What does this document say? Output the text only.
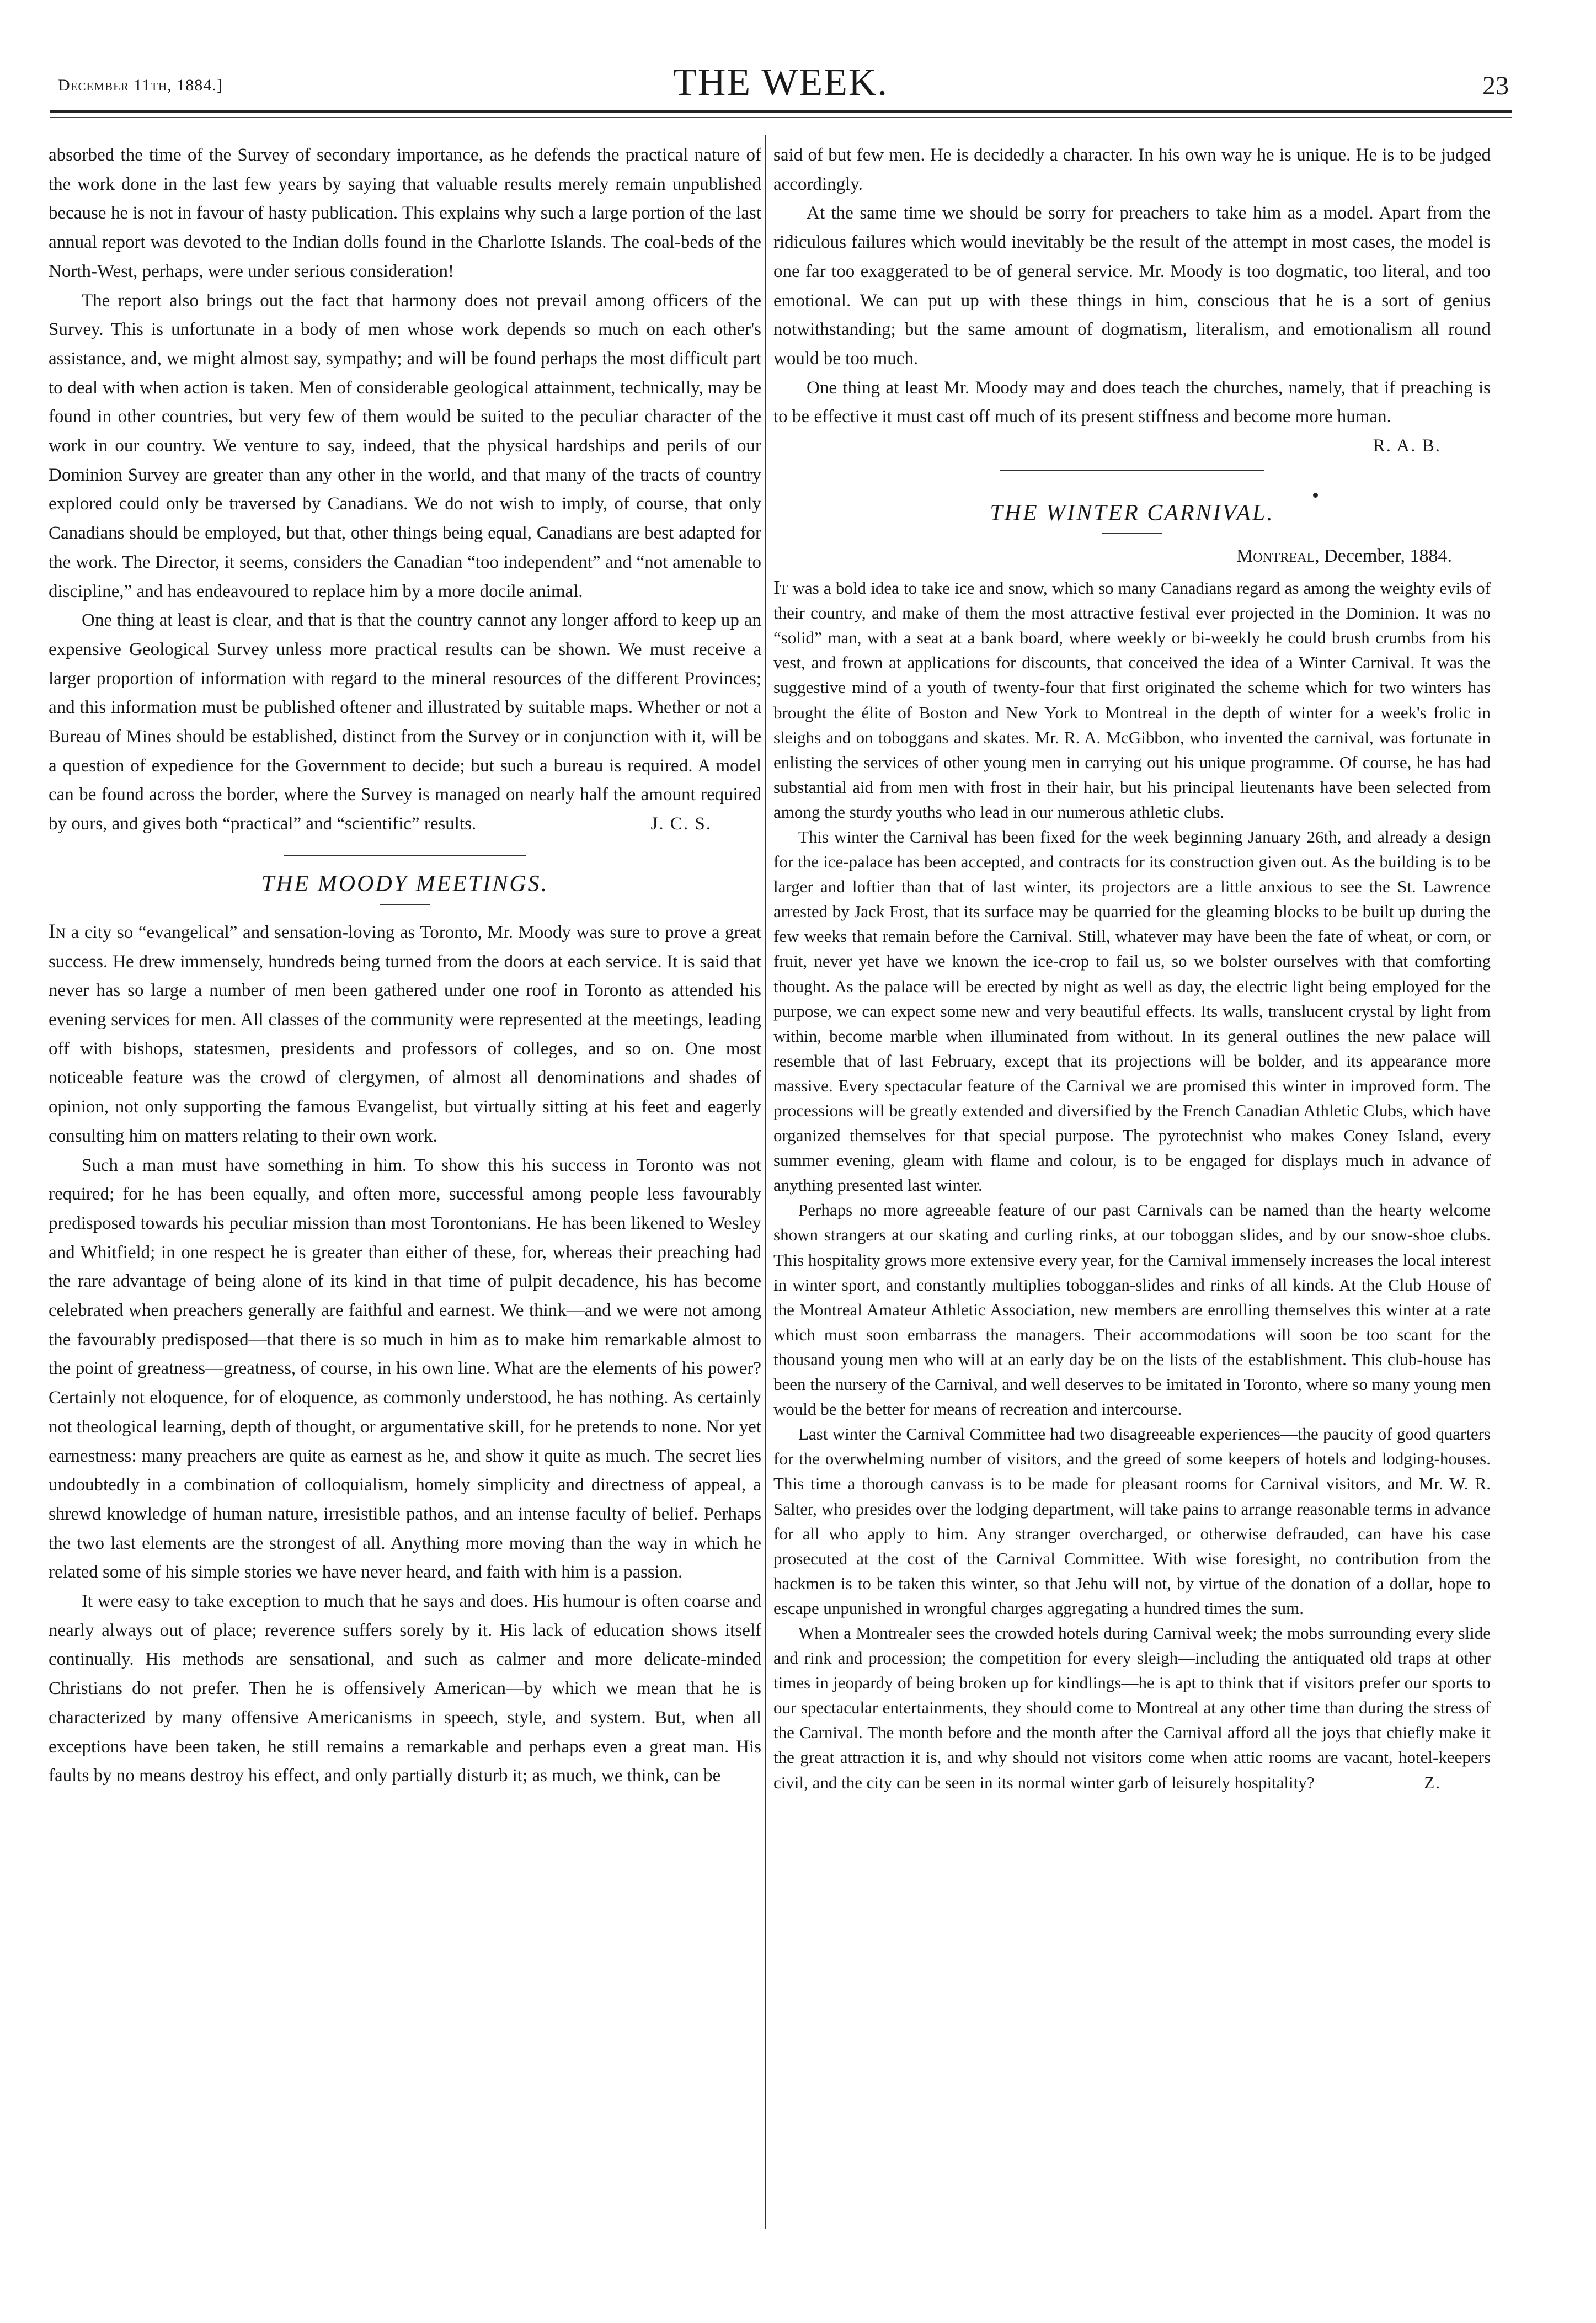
December 11th, 1884.]	THE WEEK.	23

absorbed the time of the Survey of secondary importance, as he defends the practical nature of the work done in the last few years by saying that valuable results merely remain unpublished because he is not in favour of hasty publication. This explains why such a large portion of the last annual report was devoted to the Indian dolls found in the Charlotte Islands. The coal-beds of the North-West, perhaps, were under serious consideration!

The report also brings out the fact that harmony does not prevail among officers of the Survey. This is unfortunate in a body of men whose work depends so much on each other's assistance, and, we might almost say, sympathy; and will be found perhaps the most difficult part to deal with when action is taken. Men of considerable geological attainment, technically, may be found in other countries, but very few of them would be suited to the peculiar character of the work in our country. We venture to say, indeed, that the physical hardships and perils of our Dominion Survey are greater than any other in the world, and that many of the tracts of country explored could only be traversed by Canadians. We do not wish to imply, of course, that only Canadians should be employed, but that, other things being equal, Canadians are best adapted for the work. The Director, it seems, considers the Canadian “too independent” and “not amenable to discipline,” and has endeavoured to replace him by a more docile animal.

One thing at least is clear, and that is that the country cannot any longer afford to keep up an expensive Geological Survey unless more practical results can be shown. We must receive a larger proportion of information with regard to the mineral resources of the different Provinces; and this information must be published oftener and illustrated by suitable maps. Whether or not a Bureau of Mines should be established, distinct from the Survey or in conjunction with it, will be a question of expedience for the Government to decide; but such a bureau is required. A model can be found across the border, where the Survey is managed on nearly half the amount required by ours, and gives both “practical” and “scientific” results.	J. C. S.

THE MOODY MEETINGS.

In a city so “evangelical” and sensation-loving as Toronto, Mr. Moody was sure to prove a great success. He drew immensely, hundreds being turned from the doors at each service. It is said that never has so large a number of men been gathered under one roof in Toronto as attended his evening services for men. All classes of the community were represented at the meetings, leading off with bishops, statesmen, presidents and professors of colleges, and so on. One most noticeable feature was the crowd of clergymen, of almost all denominations and shades of opinion, not only supporting the famous Evangelist, but virtually sitting at his feet and eagerly consulting him on matters relating to their own work.

Such a man must have something in him. To show this his success in Toronto was not required; for he has been equally, and often more, successful among people less favourably predisposed towards his peculiar mission than most Torontonians. He has been likened to Wesley and Whitfield; in one respect he is greater than either of these, for, whereas their preaching had the rare advantage of being alone of its kind in that time of pulpit decadence, his has become celebrated when preachers generally are faithful and earnest. We think—and we were not among the favourably predisposed—that there is so much in him as to make him remarkable almost to the point of greatness—greatness, of course, in his own line. What are the elements of his power? Certainly not eloquence, for of eloquence, as commonly understood, he has nothing. As certainly not theological learning, depth of thought, or argumentative skill, for he pretends to none. Nor yet earnestness: many preachers are quite as earnest as he, and show it quite as much. The secret lies undoubtedly in a combination of colloquialism, homely simplicity and directness of appeal, a shrewd knowledge of human nature, irresistible pathos, and an intense faculty of belief. Perhaps the two last elements are the strongest of all. Anything more moving than the way in which he related some of his simple stories we have never heard, and faith with him is a passion.

It were easy to take exception to much that he says and does. His humour is often coarse and nearly always out of place; reverence suffers sorely by it. His lack of education shows itself continually. His methods are sensational, and such as calmer and more delicate-minded Christians do not prefer. Then he is offensively American—by which we mean that he is characterized by many offensive Americanisms in speech, style, and system. But, when all exceptions have been taken, he still remains a remarkable and perhaps even a great man. His faults by no means destroy his effect, and only partially disturb it; as much, we think, can be

said of but few men. He is decidedly a character. In his own way he is unique. He is to be judged accordingly.

At the same time we should be sorry for preachers to take him as a model. Apart from the ridiculous failures which would inevitably be the result of the attempt in most cases, the model is one far too exaggerated to be of general service. Mr. Moody is too dogmatic, too literal, and too emotional. We can put up with these things in him, conscious that he is a sort of genius notwithstanding; but the same amount of dogmatism, literalism, and emotionalism all round would be too much.

One thing at least Mr. Moody may and does teach the churches, namely, that if preaching is to be effective it must cast off much of its present stiffness and become more human.
R. A. B.

THE WINTER CARNIVAL.
Montreal, December, 1884.

It was a bold idea to take ice and snow, which so many Canadians regard as among the weighty evils of their country, and make of them the most attractive festival ever projected in the Dominion. It was no “solid” man, with a seat at a bank board, where weekly or bi-weekly he could brush crumbs from his vest, and frown at applications for discounts, that conceived the idea of a Winter Carnival. It was the suggestive mind of a youth of twenty-four that first originated the scheme which for two winters has brought the élite of Boston and New York to Montreal in the depth of winter for a week's frolic in sleighs and on toboggans and skates. Mr. R. A. McGibbon, who invented the carnival, was fortunate in enlisting the services of other young men in carrying out his unique programme. Of course, he has had substantial aid from men with frost in their hair, but his principal lieutenants have been selected from among the sturdy youths who lead in our numerous athletic clubs.

This winter the Carnival has been fixed for the week beginning January 26th, and already a design for the ice-palace has been accepted, and contracts for its construction given out. As the building is to be larger and loftier than that of last winter, its projectors are a little anxious to see the St. Lawrence arrested by Jack Frost, that its surface may be quarried for the gleaming blocks to be built up during the few weeks that remain before the Carnival. Still, whatever may have been the fate of wheat, or corn, or fruit, never yet have we known the ice-crop to fail us, so we bolster ourselves with that comforting thought. As the palace will be erected by night as well as day, the electric light being employed for the purpose, we can expect some new and very beautiful effects. Its walls, translucent crystal by light from within, become marble when illuminated from without. In its general outlines the new palace will resemble that of last February, except that its projections will be bolder, and its appearance more massive. Every spectacular feature of the Carnival we are promised this winter in improved form. The processions will be greatly extended and diversified by the French Canadian Athletic Clubs, which have organized themselves for that special purpose. The pyrotechnist who makes Coney Island, every summer evening, gleam with flame and colour, is to be engaged for displays much in advance of anything presented last winter.

Perhaps no more agreeable feature of our past Carnivals can be named than the hearty welcome shown strangers at our skating and curling rinks, at our toboggan slides, and by our snow-shoe clubs. This hospitality grows more extensive every year, for the Carnival immensely increases the local interest in winter sport, and constantly multiplies toboggan-slides and rinks of all kinds. At the Club House of the Montreal Amateur Athletic Association, new members are enrolling themselves this winter at a rate which must soon embarrass the managers. Their accommodations will soon be too scant for the thousand young men who will at an early day be on the lists of the establishment. This club-house has been the nursery of the Carnival, and well deserves to be imitated in Toronto, where so many young men would be the better for means of recreation and intercourse.

Last winter the Carnival Committee had two disagreeable experiences—the paucity of good quarters for the overwhelming number of visitors, and the greed of some keepers of hotels and lodging-houses. This time a thorough canvass is to be made for pleasant rooms for Carnival visitors, and Mr. W. R. Salter, who presides over the lodging department, will take pains to arrange reasonable terms in advance for all who apply to him. Any stranger overcharged, or otherwise defrauded, can have his case prosecuted at the cost of the Carnival Committee. With wise foresight, no contribution from the hackmen is to be taken this winter, so that Jehu will not, by virtue of the donation of a dollar, hope to escape unpunished in wrongful charges aggregating a hundred times the sum.

When a Montrealer sees the crowded hotels during Carnival week; the mobs surrounding every slide and rink and procession; the competition for every sleigh—including the antiquated old traps at other times in jeopardy of being broken up for kindlings—he is apt to think that if visitors prefer our sports to our spectacular entertainments, they should come to Montreal at any other time than during the stress of the Carnival. The month before and the month after the Carnival afford all the joys that chiefly make it the great attraction it is, and why should not visitors come when attic rooms are vacant, hotel-keepers civil, and the city can be seen in its normal winter garb of leisurely hospitality?	Z.
